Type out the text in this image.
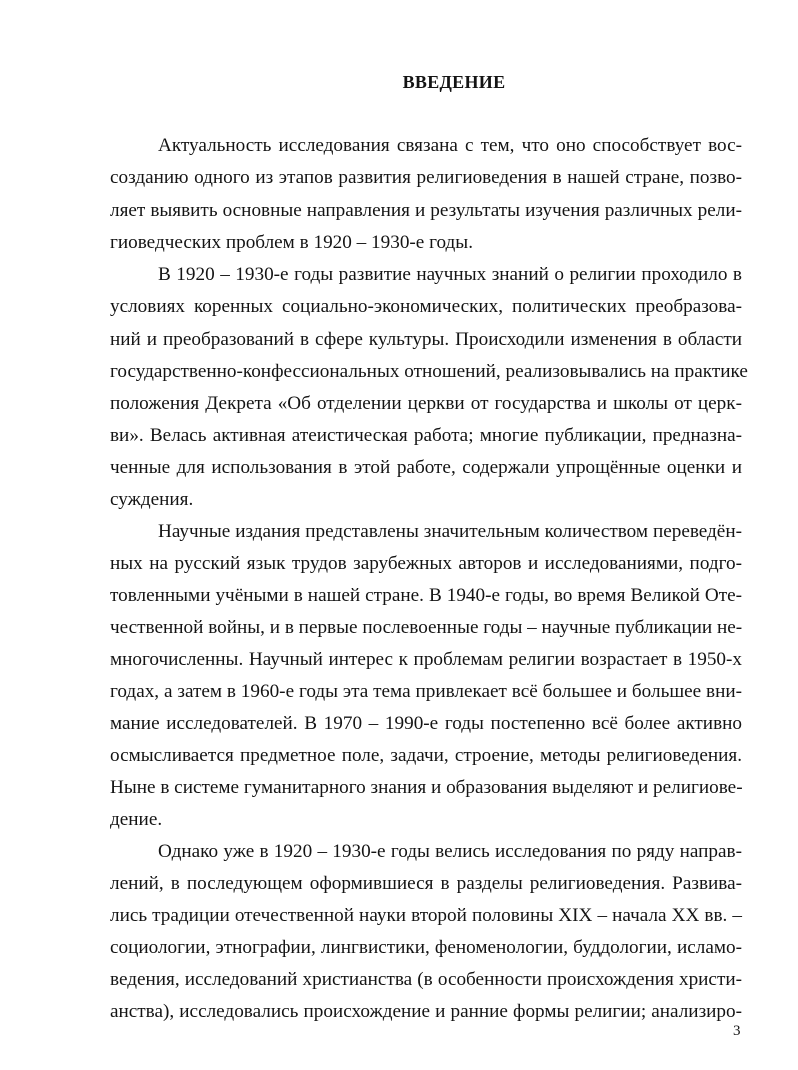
ВВЕДЕНИЕ
Актуальность исследования связана с тем, что оно способствует вос-
созданию одного из этапов развития религиоведения в нашей стране, позво-
ляет выявить основные направления и результаты изучения различных рели-
гиоведческих проблем в 1920 – 1930-е годы.
В 1920 – 1930-е годы развитие научных знаний о религии проходило в
условиях коренных социально-экономических, политических преобразова-
ний и преобразований в сфере культуры. Происходили изменения в области
государственно-конфессиональных отношений, реализовывались на практике
положения Декрета «Об отделении церкви от государства и школы от церк-
ви». Велась активная атеистическая работа; многие публикации, предназна-
ченные для использования в этой работе, содержали упрощённые оценки и
суждения.
Научные издания представлены значительным количеством переведён-
ных на русский язык трудов зарубежных авторов и исследованиями, подго-
товленными учёными в нашей стране. В 1940-е годы, во время Великой Оте-
чественной войны, и в первые послевоенные годы – научные публикации не-
многочисленны. Научный интерес к проблемам религии возрастает в 1950-х
годах, а затем в 1960-е годы эта тема привлекает всё большее и большее вни-
мание исследователей. В 1970 – 1990-е годы постепенно всё более активно
осмысливается предметное поле, задачи, строение, методы религиоведения.
Ныне в системе гуманитарного знания и образования выделяют и религиове-
дение.
Однако уже в 1920 – 1930-е годы велись исследования по ряду направ-
лений, в последующем оформившиеся в разделы религиоведения. Развива-
лись традиции отечественной науки второй половины XIX – начала XX вв. –
социологии, этнографии, лингвистики, феноменологии, буддологии, исламо-
ведения, исследований христианства (в особенности происхождения христи-
анства), исследовались происхождение и ранние формы религии; анализиро-
3
